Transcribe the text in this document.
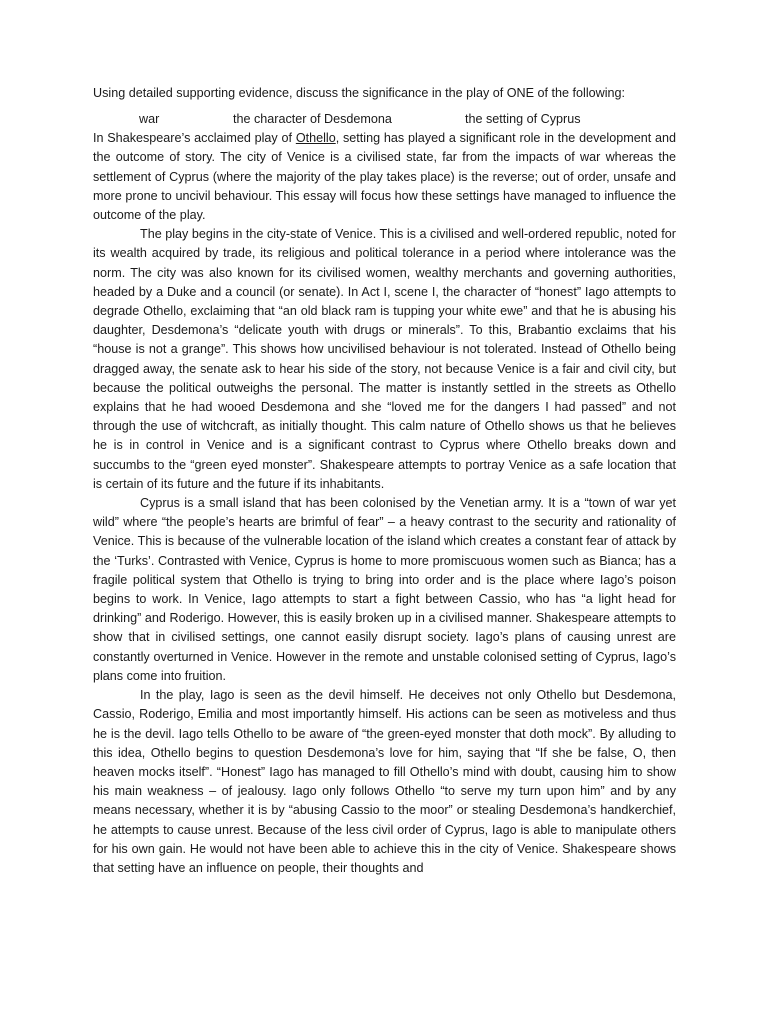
Using detailed supporting evidence, discuss the significance in the play of ONE of the following:

war	the character of Desdemona	the setting of Cyprus

In Shakespeare’s acclaimed play of Othello, setting has played a significant role in the development and the outcome of story. The city of Venice is a civilised state, far from the impacts of war whereas the settlement of Cyprus (where the majority of the play takes place) is the reverse; out of order, unsafe and more prone to uncivil behaviour. This essay will focus how these settings have managed to influence the outcome of the play.

The play begins in the city-state of Venice. This is a civilised and well-ordered republic, noted for its wealth acquired by trade, its religious and political tolerance in a period where intolerance was the norm. The city was also known for its civilised women, wealthy merchants and governing authorities, headed by a Duke and a council (or senate). In Act I, scene I, the character of “honest” Iago attempts to degrade Othello, exclaiming that “an old black ram is tupping your white ewe” and that he is abusing his daughter, Desdemona’s “delicate youth with drugs or minerals”. To this, Brabantio exclaims that his “house is not a grange”. This shows how uncivilised behaviour is not tolerated. Instead of Othello being dragged away, the senate ask to hear his side of the story, not because Venice is a fair and civil city, but because the political outweighs the personal. The matter is instantly settled in the streets as Othello explains that he had wooed Desdemona and she “loved me for the dangers I had passed” and not through the use of witchcraft, as initially thought. This calm nature of Othello shows us that he believes he is in control in Venice and is a significant contrast to Cyprus where Othello breaks down and succumbs to the “green eyed monster”. Shakespeare attempts to portray Venice as a safe location that is certain of its future and the future if its inhabitants.

Cyprus is a small island that has been colonised by the Venetian army. It is a “town of war yet wild” where “the people’s hearts are brimful of fear” – a heavy contrast to the security and rationality of Venice. This is because of the vulnerable location of the island which creates a constant fear of attack by the ‘Turks’. Contrasted with Venice, Cyprus is home to more promiscuous women such as Bianca; has a fragile political system that Othello is trying to bring into order and is the place where Iago’s poison begins to work. In Venice, Iago attempts to start a fight between Cassio, who has “a light head for drinking” and Roderigo. However, this is easily broken up in a civilised manner. Shakespeare attempts to show that in civilised settings, one cannot easily disrupt society. Iago’s plans of causing unrest are constantly overturned in Venice. However in the remote and unstable colonised setting of Cyprus, Iago’s plans come into fruition.

In the play, Iago is seen as the devil himself. He deceives not only Othello but Desdemona, Cassio, Roderigo, Emilia and most importantly himself. His actions can be seen as motiveless and thus he is the devil. Iago tells Othello to be aware of “the green-eyed monster that doth mock”. By alluding to this idea, Othello begins to question Desdemona’s love for him, saying that “If she be false, O, then heaven mocks itself”. “Honest” Iago has managed to fill Othello’s mind with doubt, causing him to show his main weakness – of jealousy. Iago only follows Othello “to serve my turn upon him” and by any means necessary, whether it is by “abusing Cassio to the moor” or stealing Desdemona’s handkerchief, he attempts to cause unrest. Because of the less civil order of Cyprus, Iago is able to manipulate others for his own gain. He would not have been able to achieve this in the city of Venice. Shakespeare shows that setting have an influence on people, their thoughts and
